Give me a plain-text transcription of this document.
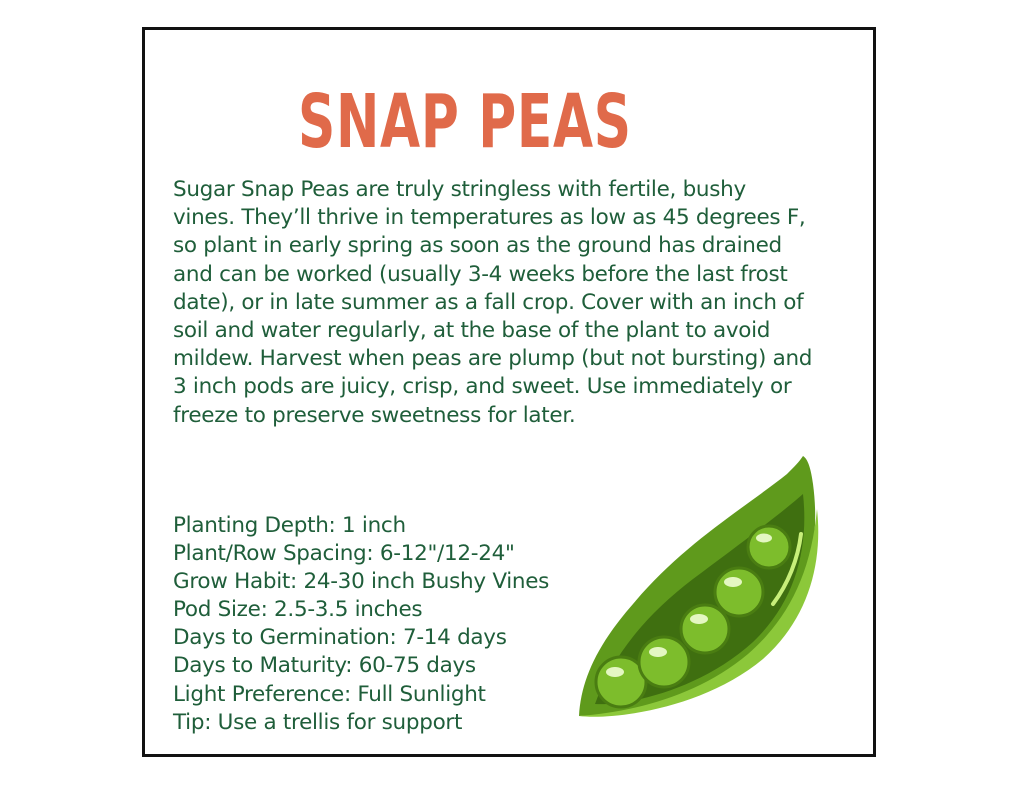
SNAP PEAS

Sugar Snap Peas are truly stringless with fertile, bushy vines. They’ll thrive in temperatures as low as 45 degrees F, so plant in early spring as soon as the ground has drained and can be worked (usually 3-4 weeks before the last frost date), or in late summer as a fall crop. Cover with an inch of soil and water regularly, at the base of the plant to avoid mildew. Harvest when peas are plump (but not bursting) and 3 inch pods are juicy, crisp, and sweet. Use immediately or freeze to preserve sweetness for later.

Planting Depth: 1 inch
Plant/Row Spacing: 6-12"/12-24"
Grow Habit: 24-30 inch Bushy Vines
Pod Size: 2.5-3.5 inches
Days to Germination: 7-14 days
Days to Maturity: 60-75 days
Light Preference: Full Sunlight
Tip: Use a trellis for support
